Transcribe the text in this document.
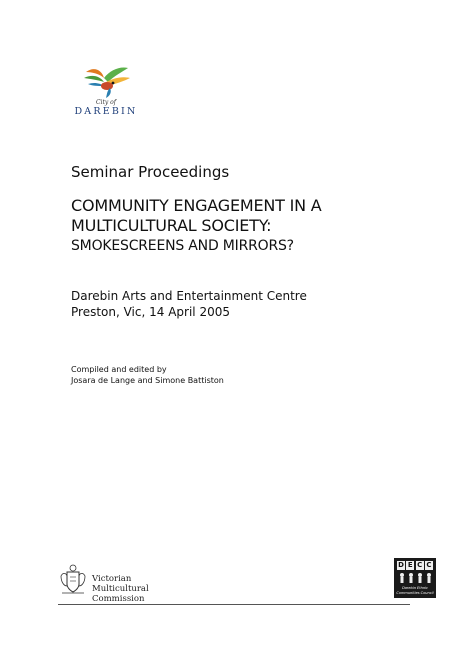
City of
DAREBIN
Seminar Proceedings
COMMUNITY ENGAGEMENT IN A
MULTICULTURAL SOCIETY:
SMOKESCREENS AND MIRRORS?
Darebin Arts and Entertainment Centre
Preston, Vic, 14 April 2005
Compiled and edited by
Josara de Lange and Simone Battiston
Victorian
Multicultural Commission
D E C C
Darebin Ethnic
Communities Council
